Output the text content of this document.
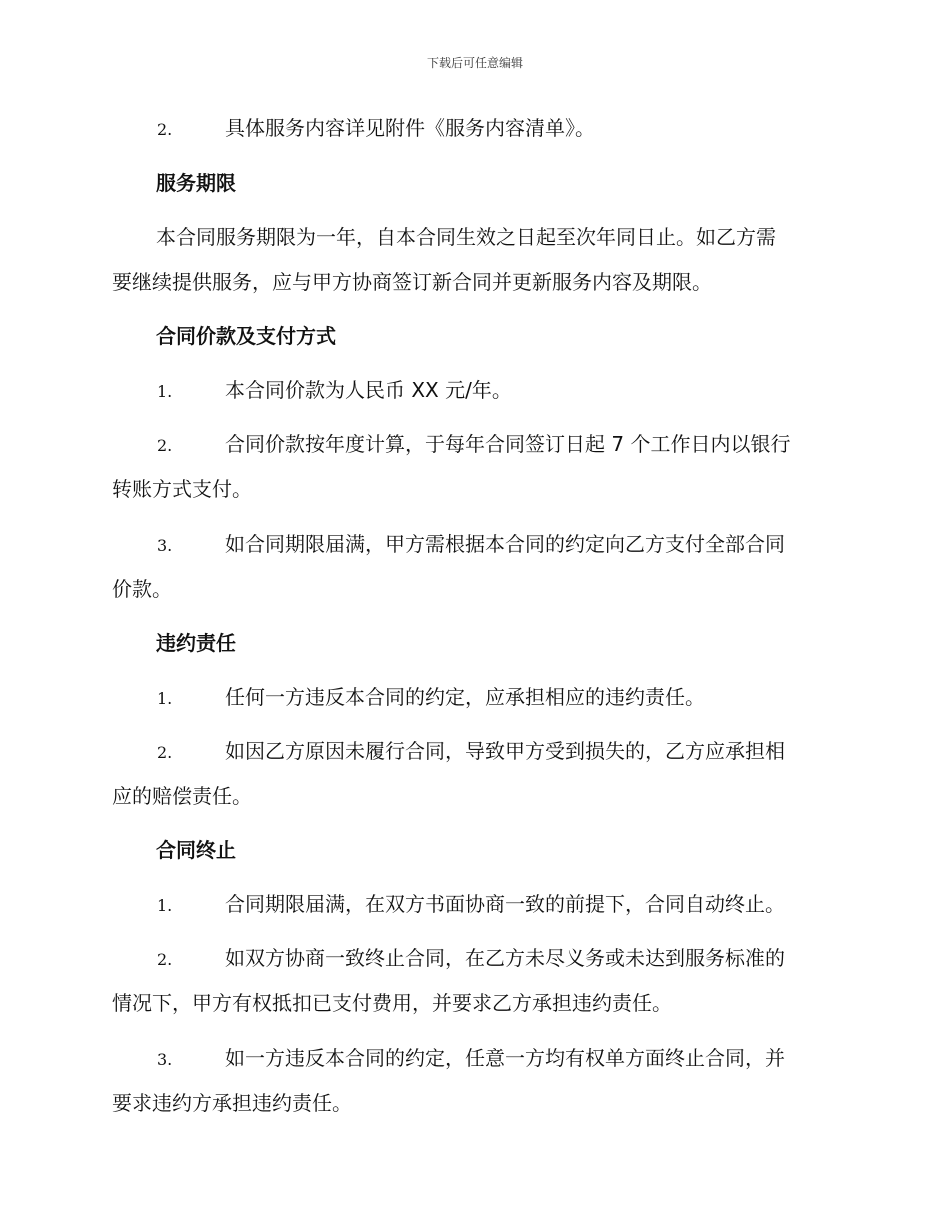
下载后可任意编辑
2.	具体服务内容详见附件《服务内容清单》。
服务期限
本合同服务期限为一年，自本合同生效之日起至次年同日止。如乙方需
要继续提供服务，应与甲方协商签订新合同并更新服务内容及期限。
合同价款及支付方式
1.	本合同价款为人民币 XX 元/年。
2.	合同价款按年度计算，于每年合同签订日起 7 个工作日内以银行
转账方式支付。
3.	如合同期限届满，甲方需根据本合同的约定向乙方支付全部合同
价款。
违约责任
1.	任何一方违反本合同的约定，应承担相应的违约责任。
2.	如因乙方原因未履行合同，导致甲方受到损失的，乙方应承担相
应的赔偿责任。
合同终止
1.	合同期限届满，在双方书面协商一致的前提下，合同自动终止。
2.	如双方协商一致终止合同，在乙方未尽义务或未达到服务标准的
情况下，甲方有权抵扣已支付费用，并要求乙方承担违约责任。
3.	如一方违反本合同的约定，任意一方均有权单方面终止合同，并
要求违约方承担违约责任。
